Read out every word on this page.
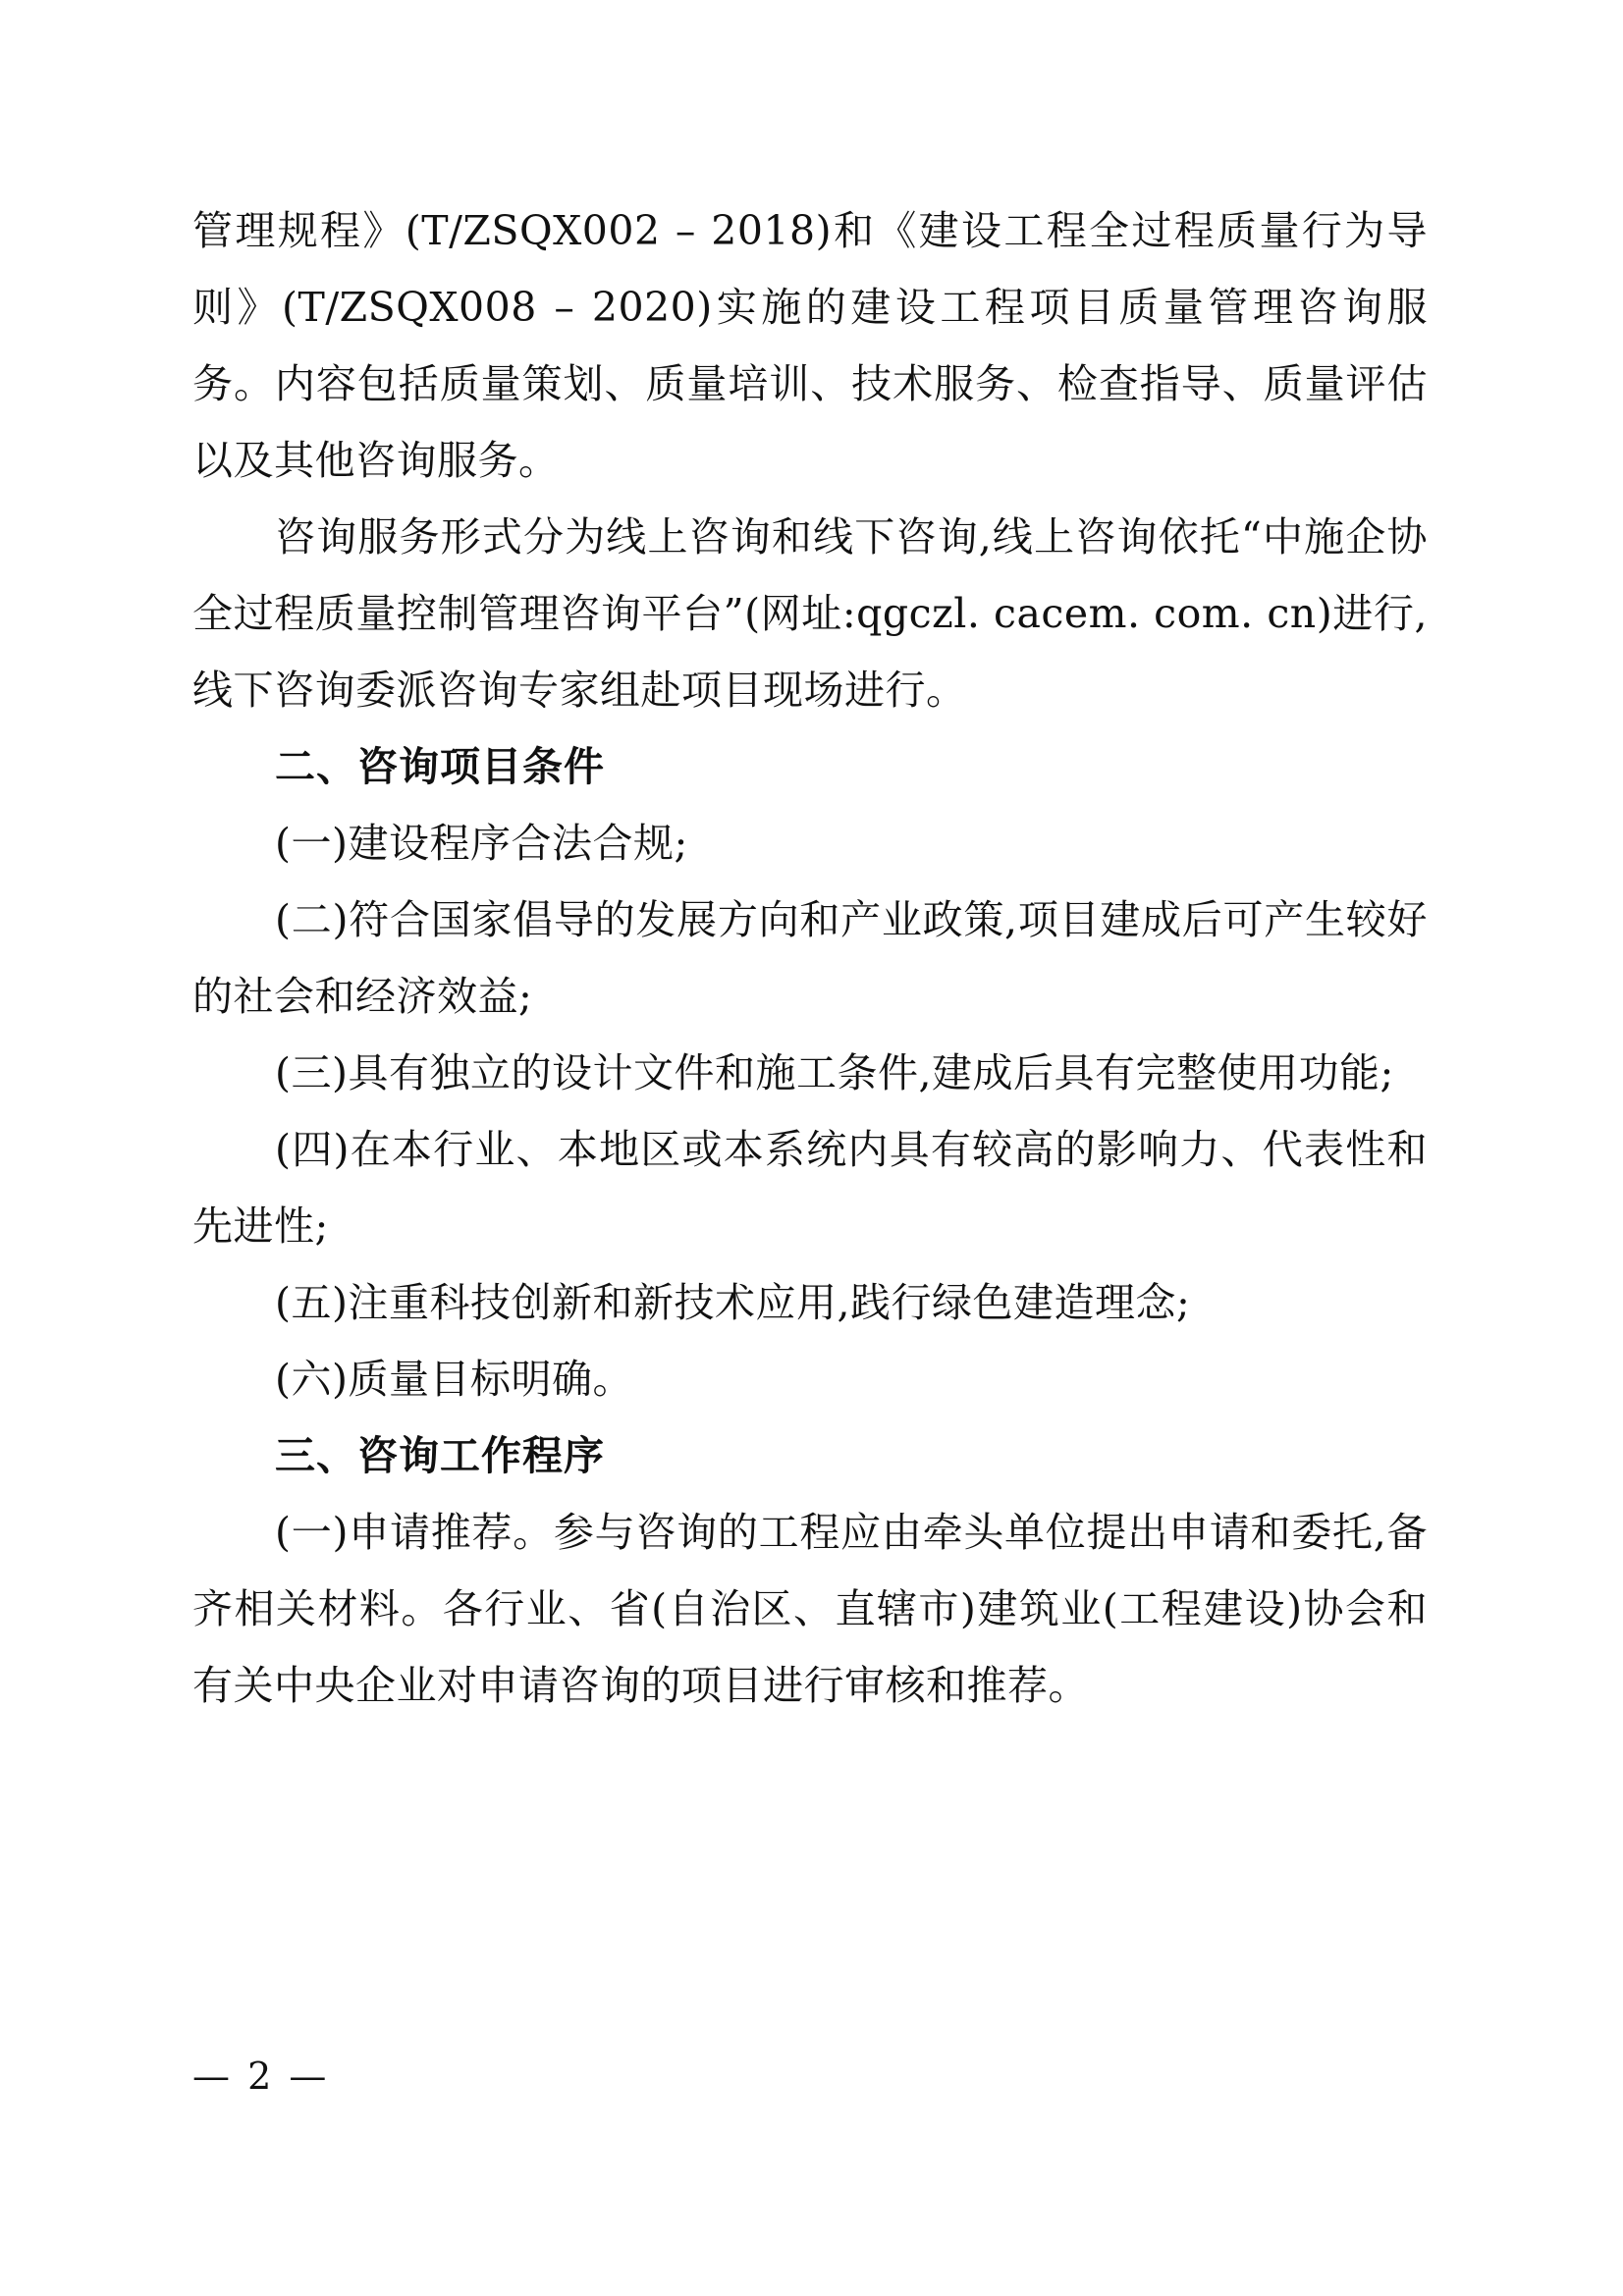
管理规程》(T/ZSQX002 – 2018)和《建设工程全过程质量行为导则》(T/ZSQX008 – 2020)实施的建设工程项目质量管理咨询服务。内容包括质量策划、质量培训、技术服务、检查指导、质量评估以及其他咨询服务。

咨询服务形式分为线上咨询和线下咨询,线上咨询依托“中施企协全过程质量控制管理咨询平台”(网址:qgczl. cacem. com. cn)进行,线下咨询委派咨询专家组赴项目现场进行。

二、咨询项目条件

(一)建设程序合法合规;

(二)符合国家倡导的发展方向和产业政策,项目建成后可产生较好的社会和经济效益;

(三)具有独立的设计文件和施工条件,建成后具有完整使用功能;

(四)在本行业、本地区或本系统内具有较高的影响力、代表性和先进性;

(五)注重科技创新和新技术应用,践行绿色建造理念;

(六)质量目标明确。

三、咨询工作程序

(一)申请推荐。参与咨询的工程应由牵头单位提出申请和委托,备齐相关材料。各行业、省(自治区、直辖市)建筑业(工程建设)协会和有关中央企业对申请咨询的项目进行审核和推荐。

— 2 —
